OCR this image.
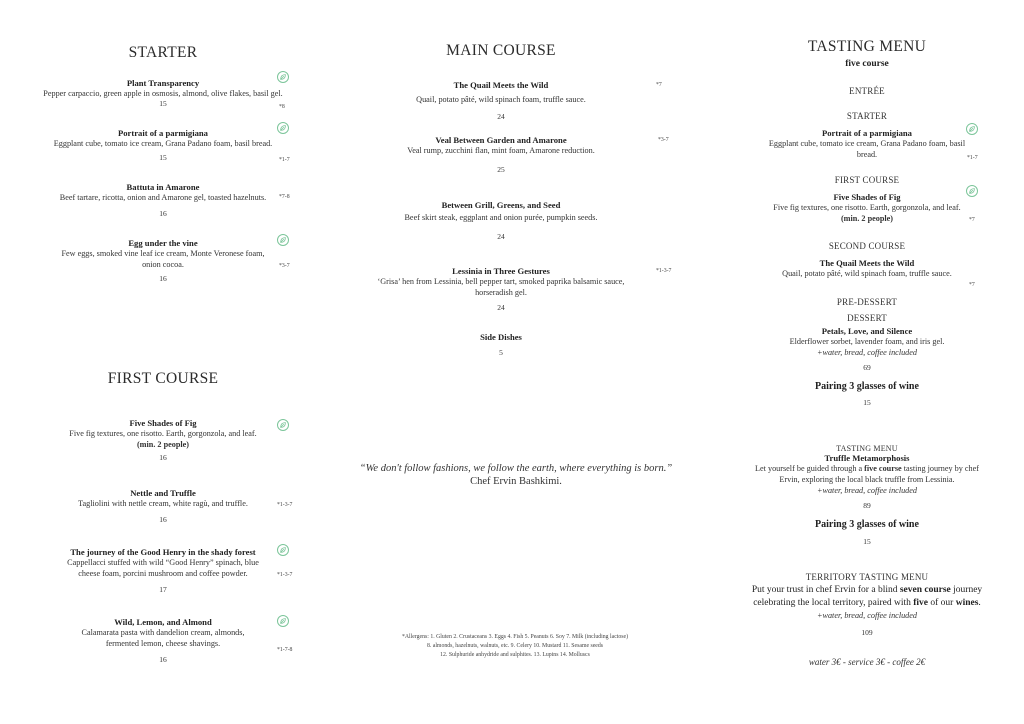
STARTER
Plant Transparency
Pepper carpaccio, green apple in osmosis, almond, olive flakes, basil gel.
15	*8
Portrait of a parmigiana
Eggplant cube, tomato ice cream, Grana Padano foam, basil bread.
15	*1-7
Battuta in Amarone
Beef tartare, ricotta, onion and Amarone gel, toasted hazelnuts.
16
*7-8
Egg under the vine
Few eggs, smoked vine leaf ice cream, Monte Veronese foam,
onion cocoa.
16
*3-7
FIRST COURSE
Five Shades of Fig
Five fig textures, one risotto. Earth, gorgonzola, and leaf.
(min. 2 people)
16
Nettle and Truffle
Tagliolini with nettle cream, white ragù, and truffle.
16
*1-3-7
The journey of the Good Henry in the shady forest
Cappellacci stuffed with wild “Good Henry” spinach, blue
cheese foam, porcini mushroom and coffee powder.
17
*1-3-7
Wild, Lemon, and Almond
Calamarata pasta with dandelion cream, almonds,
fermented lemon, cheese shavings.
16
*1-7-8
MAIN COURSE
The Quail Meets the Wild
Quail, potato pâté, wild spinach foam, truffle sauce.
24
*7
Veal Between Garden and Amarone
Veal rump, zucchini flan, mint foam, Amarone reduction.
25
*3-7
Between Grill, Greens, and Seed
Beef skirt steak, eggplant and onion purée, pumpkin seeds.
24
Lessinia in Three Gestures
‘Grisa’ hen from Lessinia, bell pepper tart, smoked paprika balsamic sauce,
horseradish gel.
24
*1-3-7
Side Dishes
5
“We don't follow fashions, we follow the earth, where everything is born.”
Chef Ervin Bashkimi.
*Allergens: 1. Gluten 2. Crustaceans 3. Eggs 4. Fish 5. Peanuts 6. Soy 7. Milk (including lactose)
8. almonds, hazelnuts, walnuts, etc. 9. Celery 10. Mustard 11. Sesame seeds
12. Sulphuride anhydride and sulphites. 13. Lupins 14. Molluscs
TASTING MENU
five course
ENTRÉE
STARTER
Portrait of a parmigiana
Eggplant cube, tomato ice cream, Grana Padano foam, basil
bread.	*1-7
FIRST COURSE
Five Shades of Fig
Five fig textures, one risotto. Earth, gorgonzola, and leaf.
(min. 2 people)	*7
SECOND COURSE
The Quail Meets the Wild
Quail, potato pâté, wild spinach foam, truffle sauce.
*7
PRE-DESSERT
DESSERT
Petals, Love, and Silence
Elderflower sorbet, lavender foam, and iris gel.
+water, bread, coffee included
69
Pairing 3 glasses of wine
15
TASTING MENU
Truffle Metamorphosis
Let yourself be guided through a five course tasting journey by chef
Ervin, exploring the local black truffle from Lessinia.
+water, bread, coffee included
89
Pairing 3 glasses of wine
15
TERRITORY TASTING MENU
Put your trust in chef Ervin for a blind seven course journey
celebrating the local territory, paired with five of our wines.
+water, bread, coffee included
109
water 3€ - service 3€ - coffee 2€
